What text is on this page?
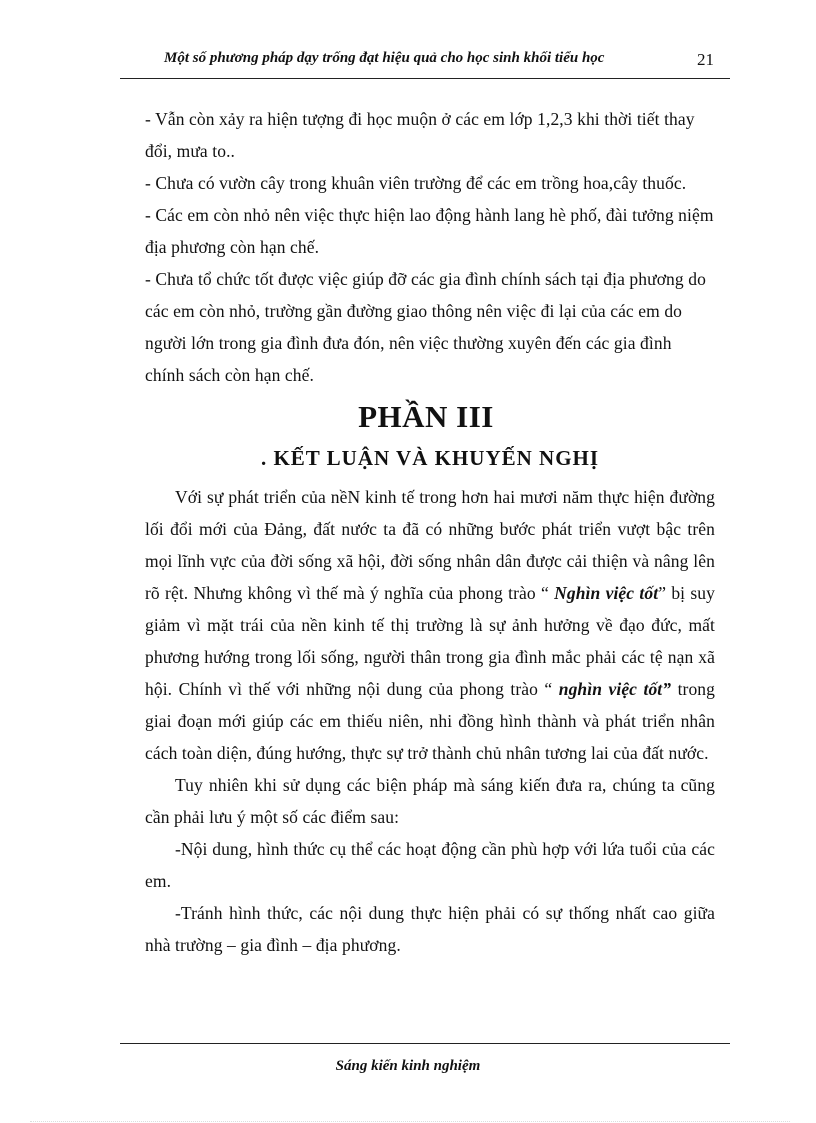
Một số phương pháp dạy trống đạt hiệu quả cho học sinh khối tiểu học	21

- Vẫn còn xảy ra hiện tượng đi học muộn ở các em lớp 1,2,3 khi thời tiết thay đổi, mưa to..

- Chưa có vườn cây trong khuân viên trường để các em trồng hoa,cây thuốc.

- Các em còn nhỏ nên việc thực hiện lao động hành lang hè phố, đài tưởng niệm địa phương còn hạn chế.

- Chưa tổ chức tốt được việc giúp đỡ các gia đình chính sách tại địa phương do các em còn nhỏ, trường gần đường giao thông nên việc đi lại của các em do người lớn trong gia đình đưa đón, nên việc thường xuyên đến các gia đình chính sách còn hạn chế.

PHẦN III
. KẾT LUẬN VÀ KHUYẾN NGHỊ

Với sự phát triển của nềN kinh tế trong hơn hai mươi năm thực hiện đường lối đổi mới của Đảng, đất nước ta đã có những bước phát triển vượt bậc trên mọi lĩnh vực của đời sống xã hội, đời sống nhân dân được cải thiện và nâng lên rõ rệt. Nhưng không vì thế mà ý nghĩa của phong trào “ Nghìn việc tốt” bị suy giảm vì mặt trái của nền kinh tế thị trường là sự ảnh hưởng về đạo đức, mất phương hướng trong lối sống, người thân trong gia đình mắc phải các tệ nạn xã hội. Chính vì thế với những nội dung của phong trào “ nghìn việc tốt” trong giai đoạn mới giúp các em thiếu niên, nhi đồng hình thành và phát triển nhân cách toàn diện, đúng hướng, thực sự trở thành chủ nhân tương lai của đất nước.

Tuy nhiên khi sử dụng các biện pháp mà sáng kiến đưa ra, chúng ta cũng cần phải lưu ý một số các điểm sau:

-Nội dung, hình thức cụ thể các hoạt động cần phù hợp với lứa tuổi của các em.

-Tránh hình thức, các nội dung thực hiện phải có sự thống nhất cao giữa nhà trường – gia đình – địa phương.

Sáng kiến kinh nghiệm
